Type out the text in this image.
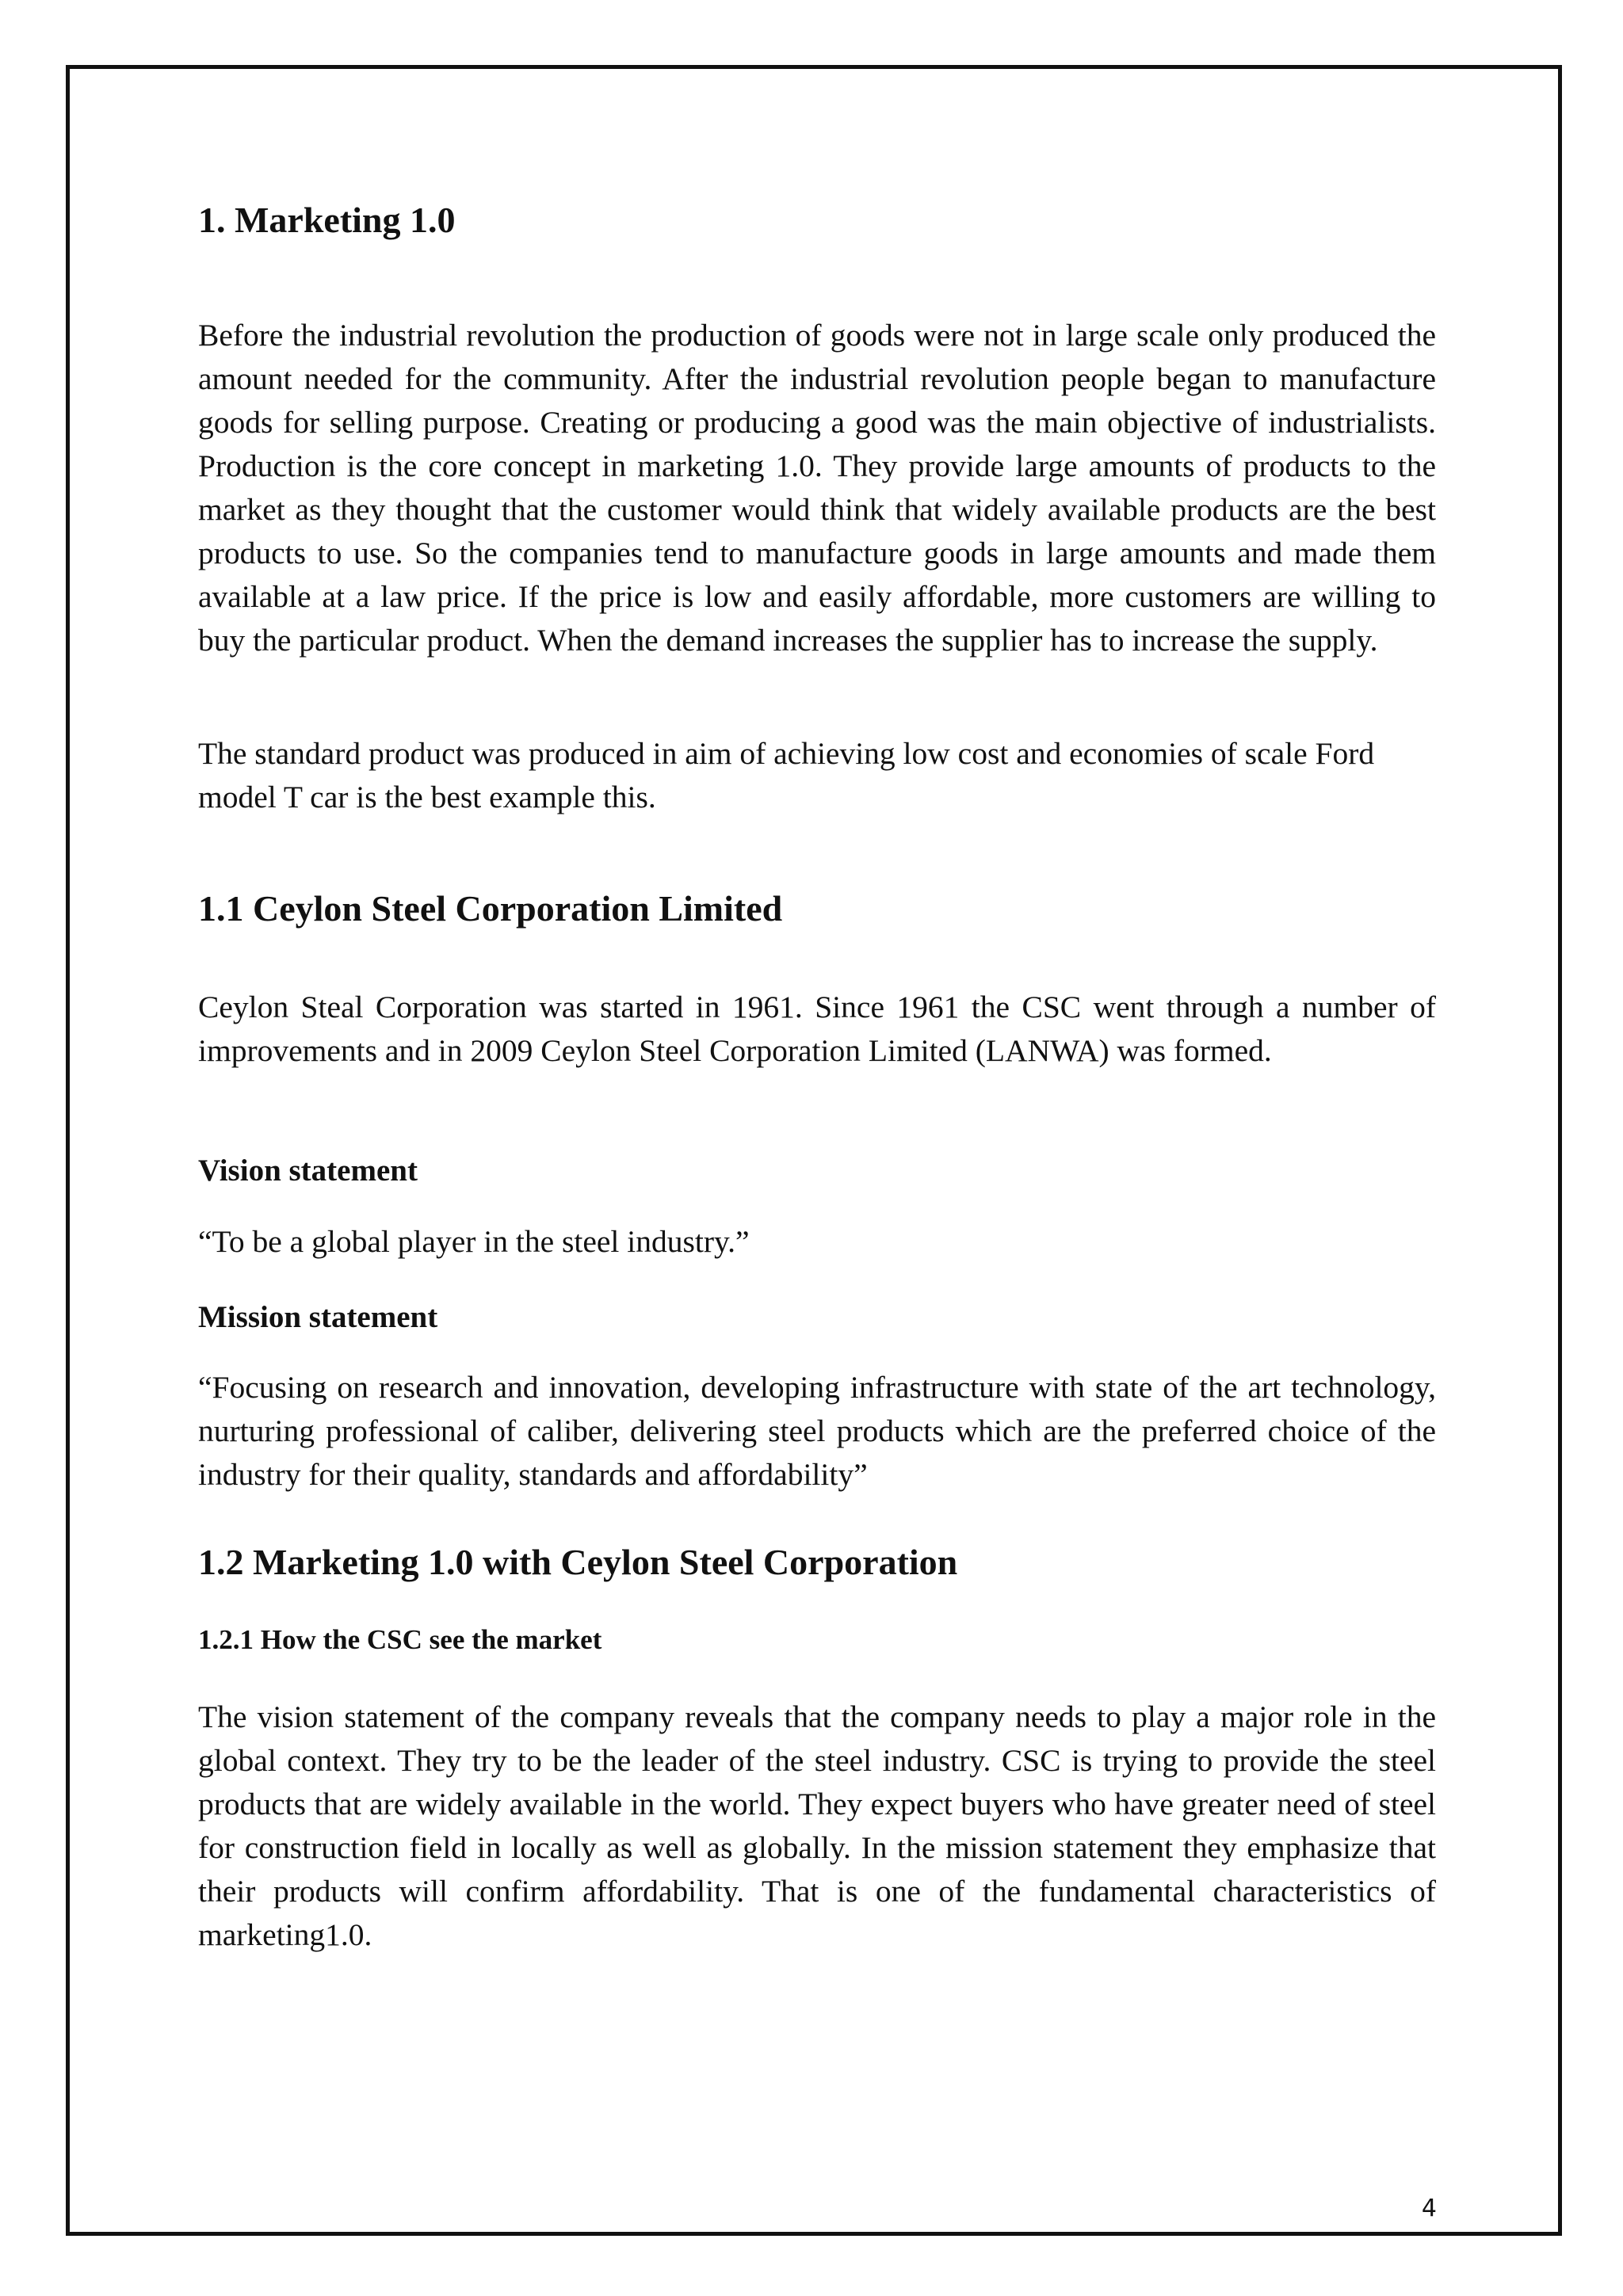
1. Marketing 1.0

Before the industrial revolution the production of goods were not in large scale only produced the amount needed for the community. After the industrial revolution people began to manufacture goods for selling purpose. Creating or producing a good was the main objective of industrialists. Production is the core concept in marketing 1.0. They provide large amounts of products to the market as they thought that the customer would think that widely available products are the best products to use. So the companies tend to manufacture goods in large amounts and made them available at a law price. If the price is low and easily affordable, more customers are willing to buy the particular product. When the demand increases the supplier has to increase the supply.

The standard product was produced in aim of achieving low cost and economies of scale Ford model T car is the best example this.

1.1 Ceylon Steel Corporation Limited

Ceylon Steal Corporation was started in 1961. Since 1961 the CSC went through a number of improvements and in 2009 Ceylon Steel Corporation Limited (LANWA) was formed.

Vision statement

“To be a global player in the steel industry.”

Mission statement

“Focusing on research and innovation, developing infrastructure with state of the art technology, nurturing professional of caliber, delivering steel products which are the preferred choice of the industry for their quality, standards and affordability”

1.2 Marketing 1.0 with Ceylon Steel Corporation
1.2.1 How the CSC see the market

The vision statement of the company reveals that the company needs to play a major role in the global context. They try to be the leader of the steel industry. CSC is trying to provide the steel products that are widely available in the world. They expect buyers who have greater need of steel for construction field in locally as well as globally. In the mission statement they emphasize that their products will confirm affordability. That is one of the fundamental characteristics of marketing1.0.

4
